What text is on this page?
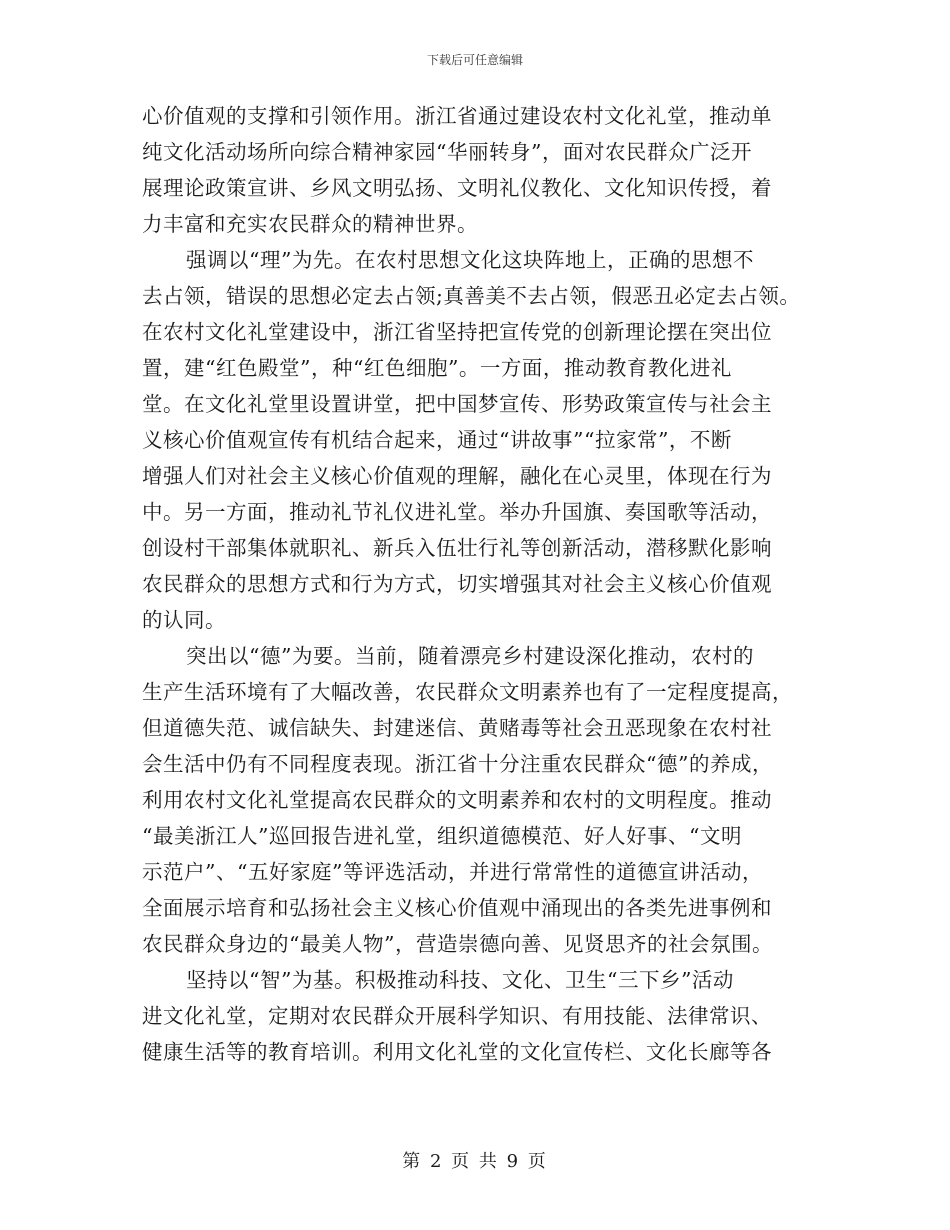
下载后可任意编辑
心价值观的支撑和引领作用。浙江省通过建设农村文化礼堂，推动单
纯文化活动场所向综合精神家园“华丽转身”，面对农民群众广泛开
展理论政策宣讲、乡风文明弘扬、文明礼仪教化、文化知识传授，着
力丰富和充实农民群众的精神世界。
强调以“理”为先。在农村思想文化这块阵地上，正确的思想不
去占领，错误的思想必定去占领;真善美不去占领，假恶丑必定去占领。
在农村文化礼堂建设中，浙江省坚持把宣传党的创新理论摆在突出位
置，建“红色殿堂”，种“红色细胞”。一方面，推动教育教化进礼
堂。在文化礼堂里设置讲堂，把中国梦宣传、形势政策宣传与社会主
义核心价值观宣传有机结合起来，通过“讲故事”“拉家常”，不断
增强人们对社会主义核心价值观的理解，融化在心灵里，体现在行为
中。另一方面，推动礼节礼仪进礼堂。举办升国旗、奏国歌等活动，
创设村干部集体就职礼、新兵入伍壮行礼等创新活动，潜移默化影响
农民群众的思想方式和行为方式，切实增强其对社会主义核心价值观
的认同。
突出以“德”为要。当前，随着漂亮乡村建设深化推动，农村的
生产生活环境有了大幅改善，农民群众文明素养也有了一定程度提高，
但道德失范、诚信缺失、封建迷信、黄赌毒等社会丑恶现象在农村社
会生活中仍有不同程度表现。浙江省十分注重农民群众“德”的养成，
利用农村文化礼堂提高农民群众的文明素养和农村的文明程度。推动
“最美浙江人”巡回报告进礼堂，组织道德模范、好人好事、“文明
示范户”、“五好家庭”等评选活动，并进行常常性的道德宣讲活动，
全面展示培育和弘扬社会主义核心价值观中涌现出的各类先进事例和
农民群众身边的“最美人物”，营造崇德向善、见贤思齐的社会氛围。
坚持以“智”为基。积极推动科技、文化、卫生“三下乡”活动
进文化礼堂，定期对农民群众开展科学知识、有用技能、法律常识、
健康生活等的教育培训。利用文化礼堂的文化宣传栏、文化长廊等各
第 2 页 共 9 页
